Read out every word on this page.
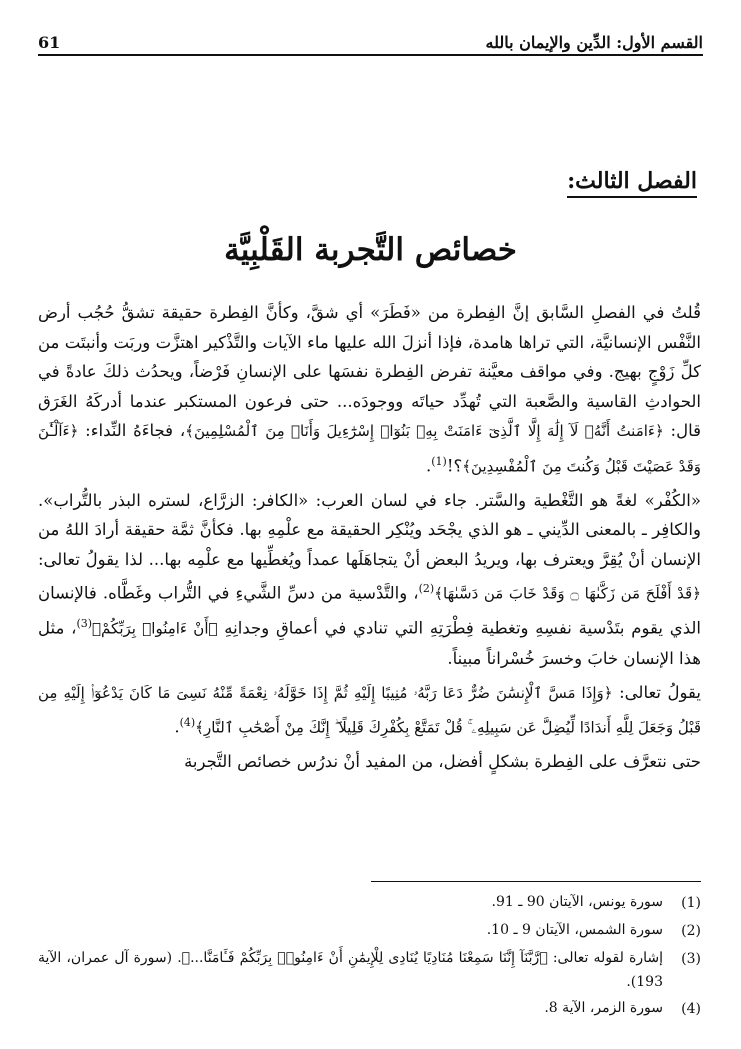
القسم الأول: الدِّين والإيمان بالله
61
الفصل الثالث:
خصائص التَّجربة القَلْبِيَّة

قُلتُ في الفصلِ السَّابق إنَّ الفِطرة من «فَطَرَ» أي شقَّ، وكأنَّ الفِطرة حقيقة تشقُّ حُجُب أرض النَّفْس الإنسانيَّة، التي تراها هامدة، فإذا أنزلَ الله عليها ماء الآيات والتَّذْكير اهتزَّت وربَت وأنبتَت من كلِّ زَوْجٍ بهيج. وفي مواقف معيَّنة تفرض الفِطرة نفسَها على الإنسانِ فَرْضاً، ويحدُث ذلكَ عادةً في الحوادثِ القاسية والصَّعبة التي تُهدِّد حياتَه ووجودَه... حتى فرعون المستكبر عندما أدركَهُ الغَرَق قال: ﴿ءَامَنتُ أَنَّهُۥ لَآ إِلَٰهَ إِلَّا ٱلَّذِىٓ ءَامَنَتْ بِهِۦ بَنُوٓا۟ إِسْرَٰٓءِيلَ وَأَنَا۠ مِنَ ٱلْمُسْلِمِينَ﴾، فجاءَهُ النِّداء: ﴿ءَآلْـَٰٔنَ وَقَدْ عَصَيْتَ قَبْلُ وَكُنتَ مِنَ ٱلْمُفْسِدِينَ﴾؟!$^{(1)}$.

«الكُفْر» لغةً هو التَّغْطية والسَّتر. جاء في لسان العرب: «الكافر: الزرَّاع، لستره البذر بالتُّراب». والكافِر ـ بالمعنى الدِّيني ـ هو الذي يجْحَد ويُنْكِر الحقيقة مع علْمِهِ بها. فكأنَّ ثمَّة حقيقة أرادَ اللهُ من الإنسان أنْ يُقِرَّ ويعترف بها، ويريدُ البعض أنْ يتجاهَلَها عمداً ويُغطِّيها مع علْمِه بها... لذا يقولُ تعالى: ﴿قَدْ أَفْلَحَ مَن زَكَّىٰهَا ۝ وَقَدْ خَابَ مَن دَسَّىٰهَا﴾$^{(2)}$، والتَّدْسية من دسِّ الشَّيءِ في التُّراب وغَطَّاه. فالإنسان الذي يقوم بتَدْسية نفسِهِ وتغطية فِطْرَتِهِ التي تنادي في أعماقِ وجدانِهِ ﴿أَنْ ءَامِنُوا۟ بِرَبِّكُمْ﴾$^{(3)}$، مثل هذا الإنسان خابَ وخسرَ خُسْراناً مبيناً.

يقولُ تعالى: ﴿وَإِذَا مَسَّ ٱلْإِنسَٰنَ ضُرٌّ دَعَا رَبَّهُۥ مُنِيبًا إِلَيْهِ ثُمَّ إِذَا خَوَّلَهُۥ نِعْمَةً مِّنْهُ نَسِىَ مَا كَانَ يَدْعُوٓا۟ إِلَيْهِ مِن قَبْلُ وَجَعَلَ لِلَّهِ أَندَادًا لِّيُضِلَّ عَن سَبِيلِهِۦ ۚ قُلْ تَمَتَّعْ بِكُفْرِكَ قَلِيلًا ۖ إِنَّكَ مِنْ أَصْحَٰبِ ٱلنَّارِ﴾$^{(4)}$.

حتى نتعرَّف على الفِطرة بشكلٍ أفضل، من المفيد أنْ ندرُس خصائص التَّجربة

(1)
سورة يونس، الآيتان 90 ـ 91.
(2)
سورة الشمس، الآيتان 9 ـ 10.
(3)
إشارة لقوله تعالى: ﴿رَّبَّنَآ إِنَّنَا سَمِعْنَا مُنَادِيًا يُنَادِى لِلْإِيمَٰنِ أَنْ ءَامِنُوا۟ بِرَبِّكُمْ فَـَٔامَنَّا...﴾. (سورة آل عمران، الآية 193).
(4)
سورة الزمر، الآية 8.
